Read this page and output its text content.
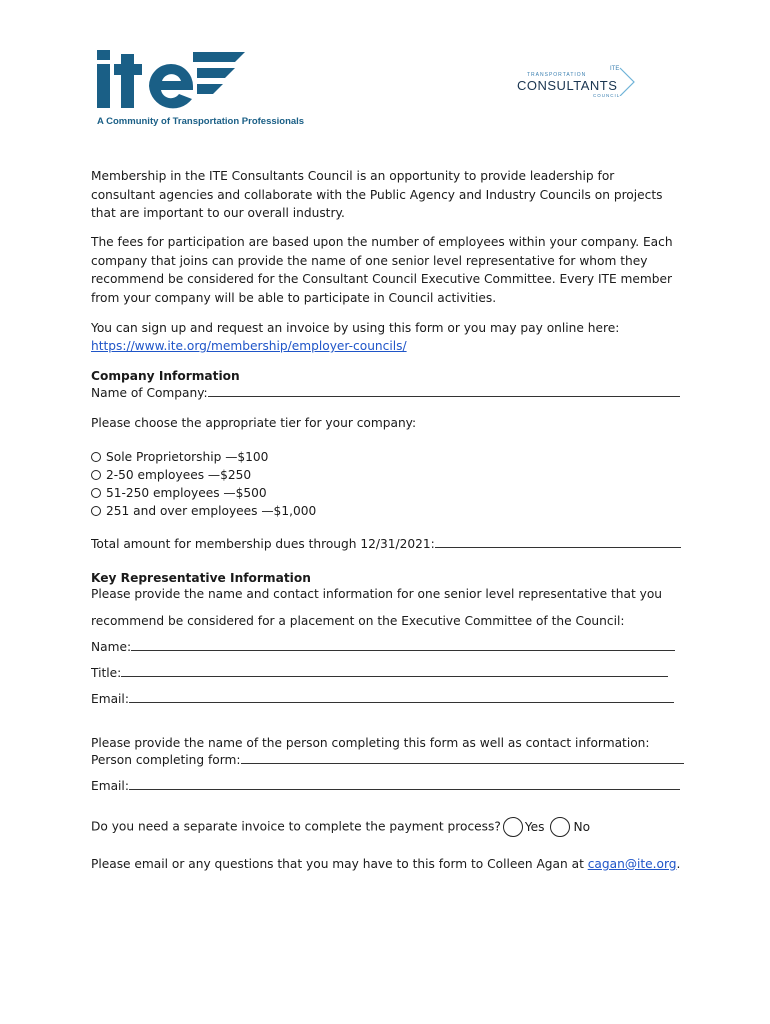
A Community of Transportation Professionals
TRANSPORTATION
ITE
CONSULTANTS
COUNCIL

Membership in the ITE Consultants Council is an opportunity to provide leadership for consultant agencies and collaborate with the Public Agency and Industry Councils on projects that are important to our overall industry.

The fees for participation are based upon the number of employees within your company. Each company that joins can provide the name of one senior level representative for whom they recommend be considered for the Consultant Council Executive Committee. Every ITE member from your company will be able to participate in Council activities.

You can sign up and request an invoice by using this form or you may pay online here:

https://www.ite.org/membership/employer-councils/
Company Information
Name of Company:
Please choose the appropriate tier for your company:
Sole Proprietorship —$100
2-50 employees —$250
51-250 employees —$500
251 and over employees —$1,000
Total amount for membership dues through 12/31/2021:
Key Representative Information
Please provide the name and contact information for one senior level representative that you
recommend be considered for a placement on the Executive Committee of the Council:
Name:
Title:
Email:
Please provide the name of the person completing this form as well as contact information:
Person completing form:
Email:
Do you need a separate invoice to complete the payment process? Yes No
Please email or any questions that you may have to this form to Colleen Agan at cagan@ite.org.
